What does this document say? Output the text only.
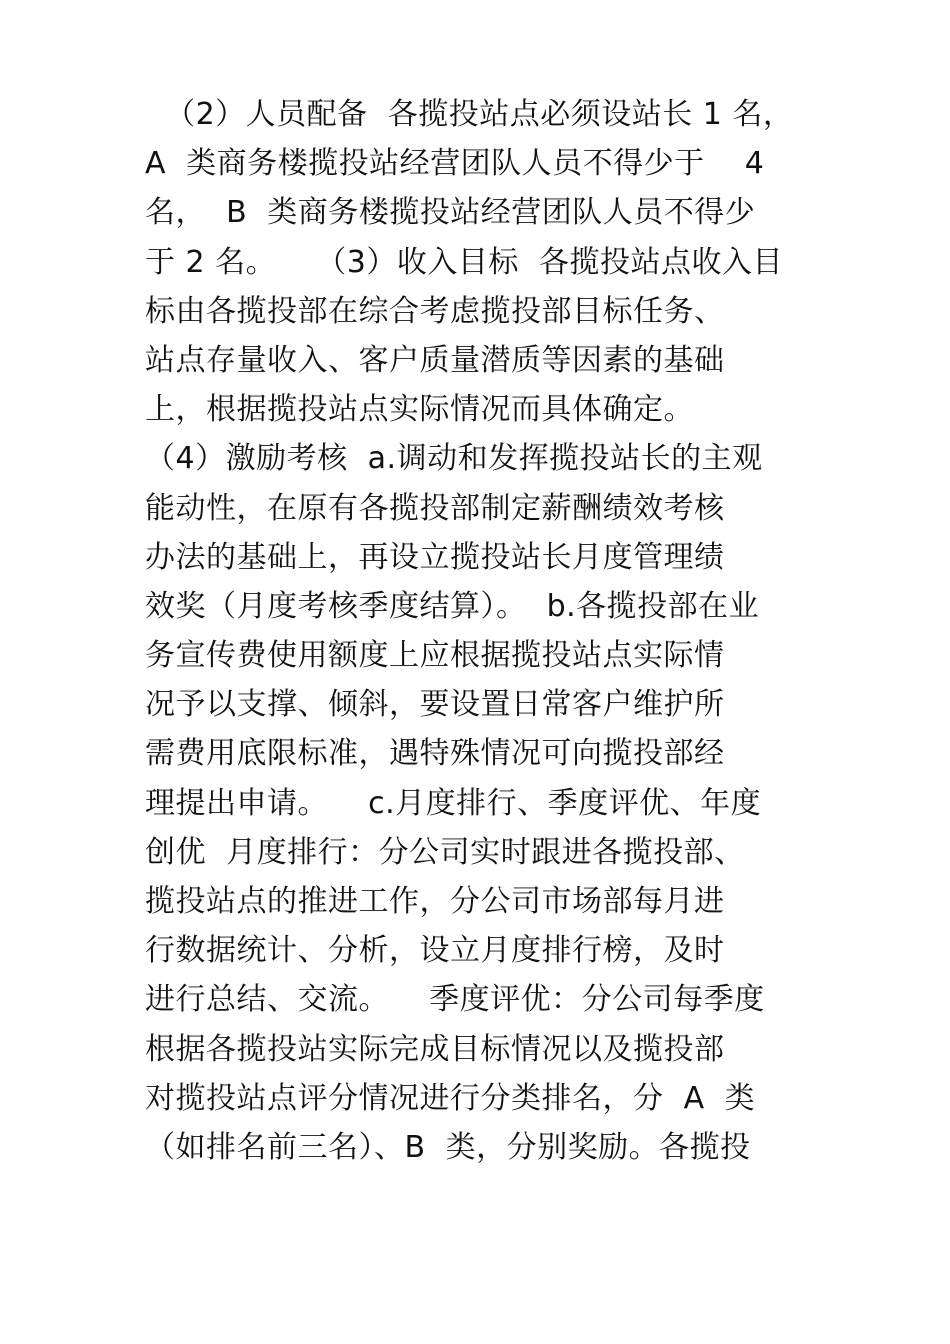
（2）人员配备  各揽投站点必须设站长 1 名，
A  类商务楼揽投站经营团队人员不得少于    4
名，  B  类商务楼揽投站经营团队人员不得少
于 2 名。    （3）收入目标  各揽投站点收入目
标由各揽投部在综合考虑揽投部目标任务、
站点存量收入、客户质量潜质等因素的基础
上，根据揽投站点实际情况而具体确定。
（4）激励考核  a.调动和发挥揽投站长的主观
能动性，在原有各揽投部制定薪酬绩效考核
办法的基础上，再设立揽投站长月度管理绩
效奖（月度考核季度结算）。  b.各揽投部在业
务宣传费使用额度上应根据揽投站点实际情
况予以支撑、倾斜，要设置日常客户维护所
需费用底限标准，遇特殊情况可向揽投部经
理提出申请。    c.月度排行、季度评优、年度
创优  月度排行：分公司实时跟进各揽投部、
揽投站点的推进工作，分公司市场部每月进
行数据统计、分析，设立月度排行榜，及时
进行总结、交流。    季度评优：分公司每季度
根据各揽投站实际完成目标情况以及揽投部
对揽投站点评分情况进行分类排名，分  A  类
（如排名前三名）、B  类，分别奖励。各揽投
